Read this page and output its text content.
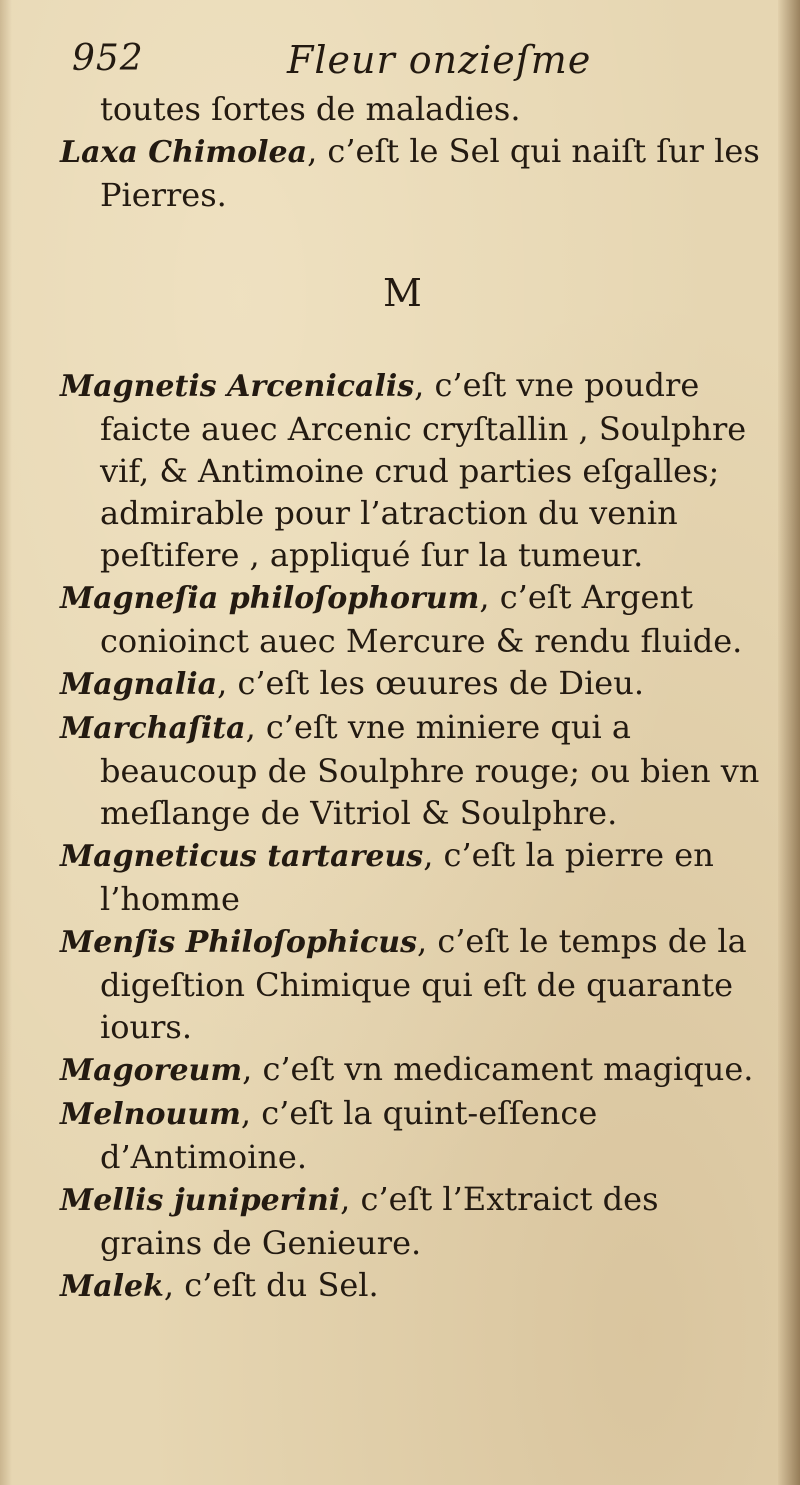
952	Fleur onzieſme

toutes ſortes de maladies.

Laxa Chimolea, c’eſt le Sel qui naiſt ſur les Pierres.

M

Magnetis Arcenicalis, c’eſt vne poudre faicte auec Arcenic cryſtallin , Soulphre vif, & Antimoine crud parties eſgalles; admirable pour l’atraction du venin peſtifere , appliqué ſur la tumeur.

Magneſia philoſophorum, c’eſt Argent conioinct auec Mercure & rendu fluide.

Magnalia, c’eſt les œuures de Dieu.

Marchaſita, c’eſt vne miniere qui a beaucoup de Soulphre rouge; ou bien vn meſlange de Vitriol & Soulphre.

Magneticus tartareus, c’eſt la pierre en l’homme

Menſis Philoſophicus, c’eſt le temps de la digeſtion Chimique qui eſt de quarante iours.

Magoreum, c’eſt vn medicament magique.

Melnouum, c’eſt la quint-eſſence d’Antimoine.

Mellis juniperini, c’eſt l’Extraict des grains de Genieure.

Malek, c’eſt du Sel.
